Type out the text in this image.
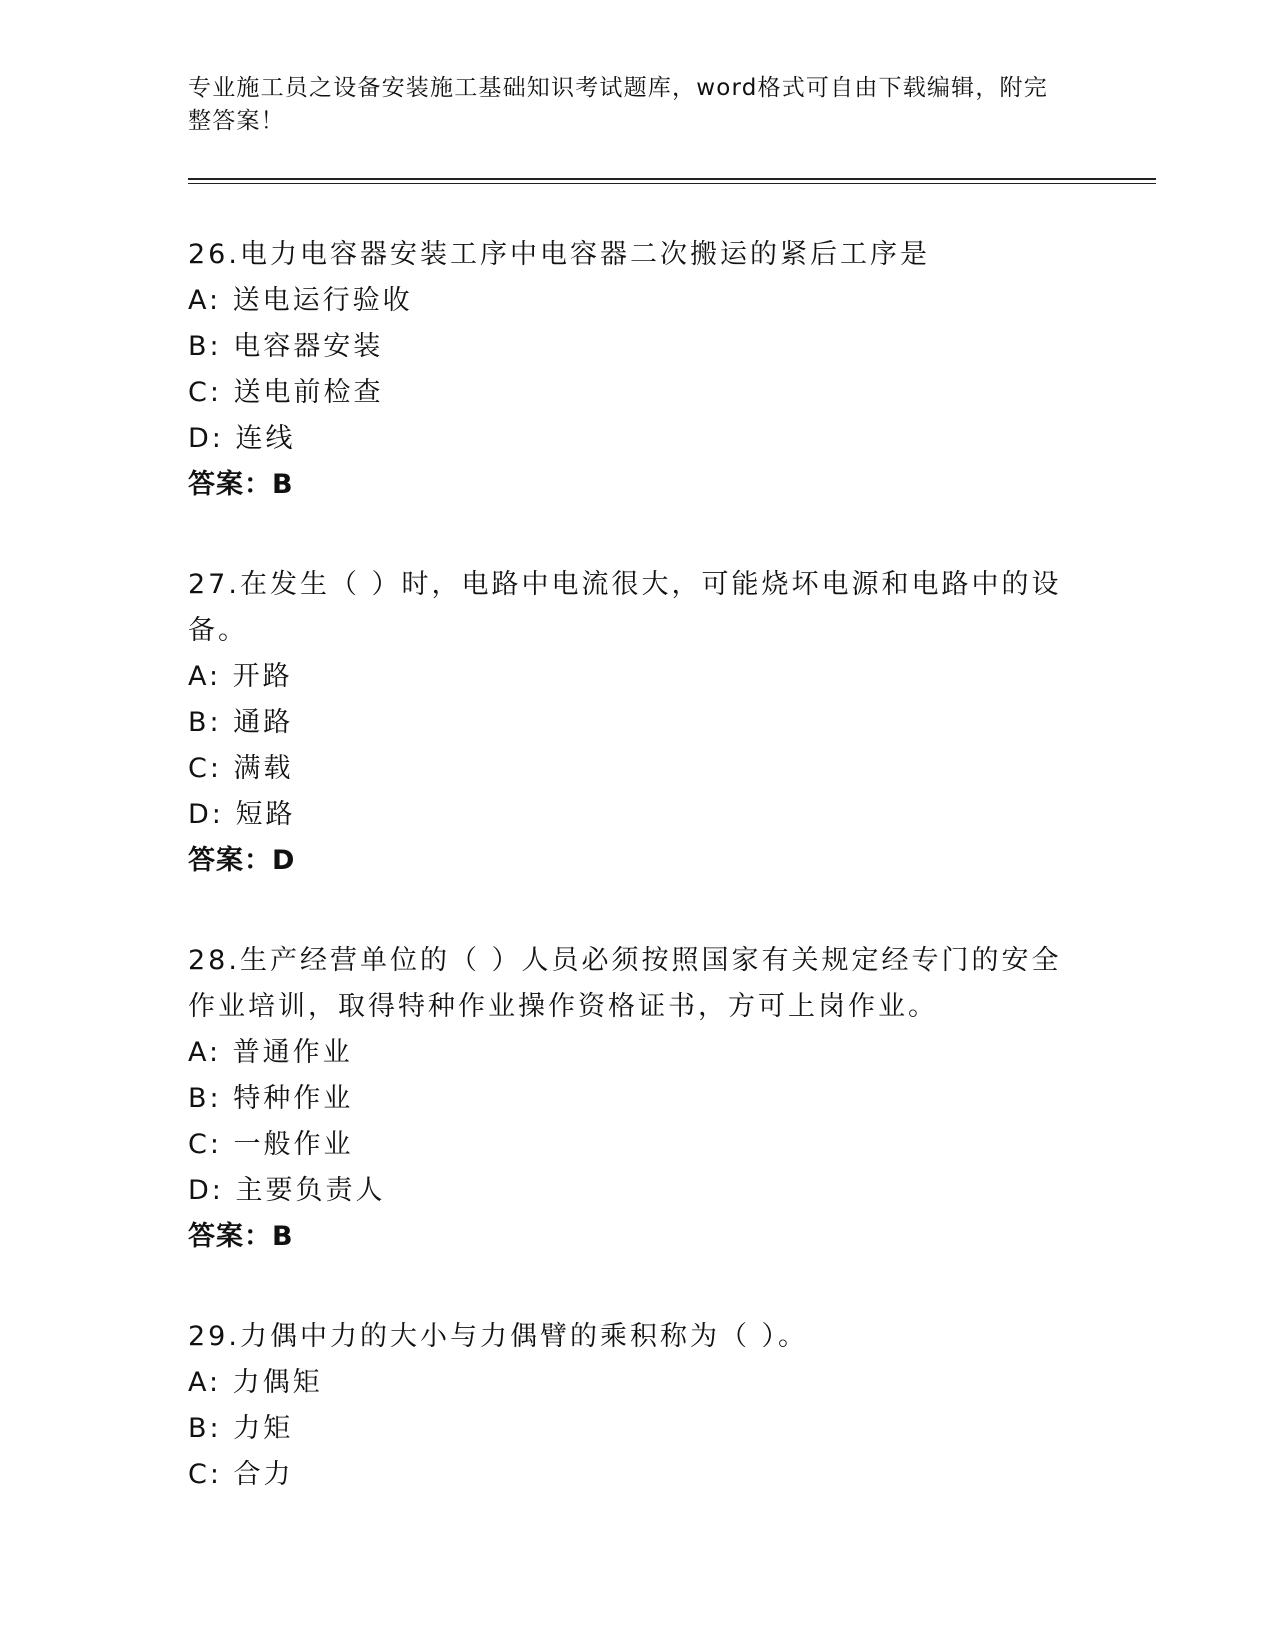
专业施工员之设备安装施工基础知识考试题库，word格式可自由下载编辑，附完整答案！
26.电力电容器安装工序中电容器二次搬运的紧后工序是
A: 送电运行验收
B: 电容器安装
C: 送电前检查
D: 连线
答案：B
27.在发生（ ）时，电路中电流很大，可能烧坏电源和电路中的设备。
A: 开路
B: 通路
C: 满载
D: 短路
答案：D
28.生产经营单位的（ ）人员必须按照国家有关规定经专门的安全作业培训，取得特种作业操作资格证书，方可上岗作业。
A: 普通作业
B: 特种作业
C: 一般作业
D: 主要负责人
答案：B
29.力偶中力的大小与力偶臂的乘积称为（ ）。
A: 力偶矩
B: 力矩
C: 合力
